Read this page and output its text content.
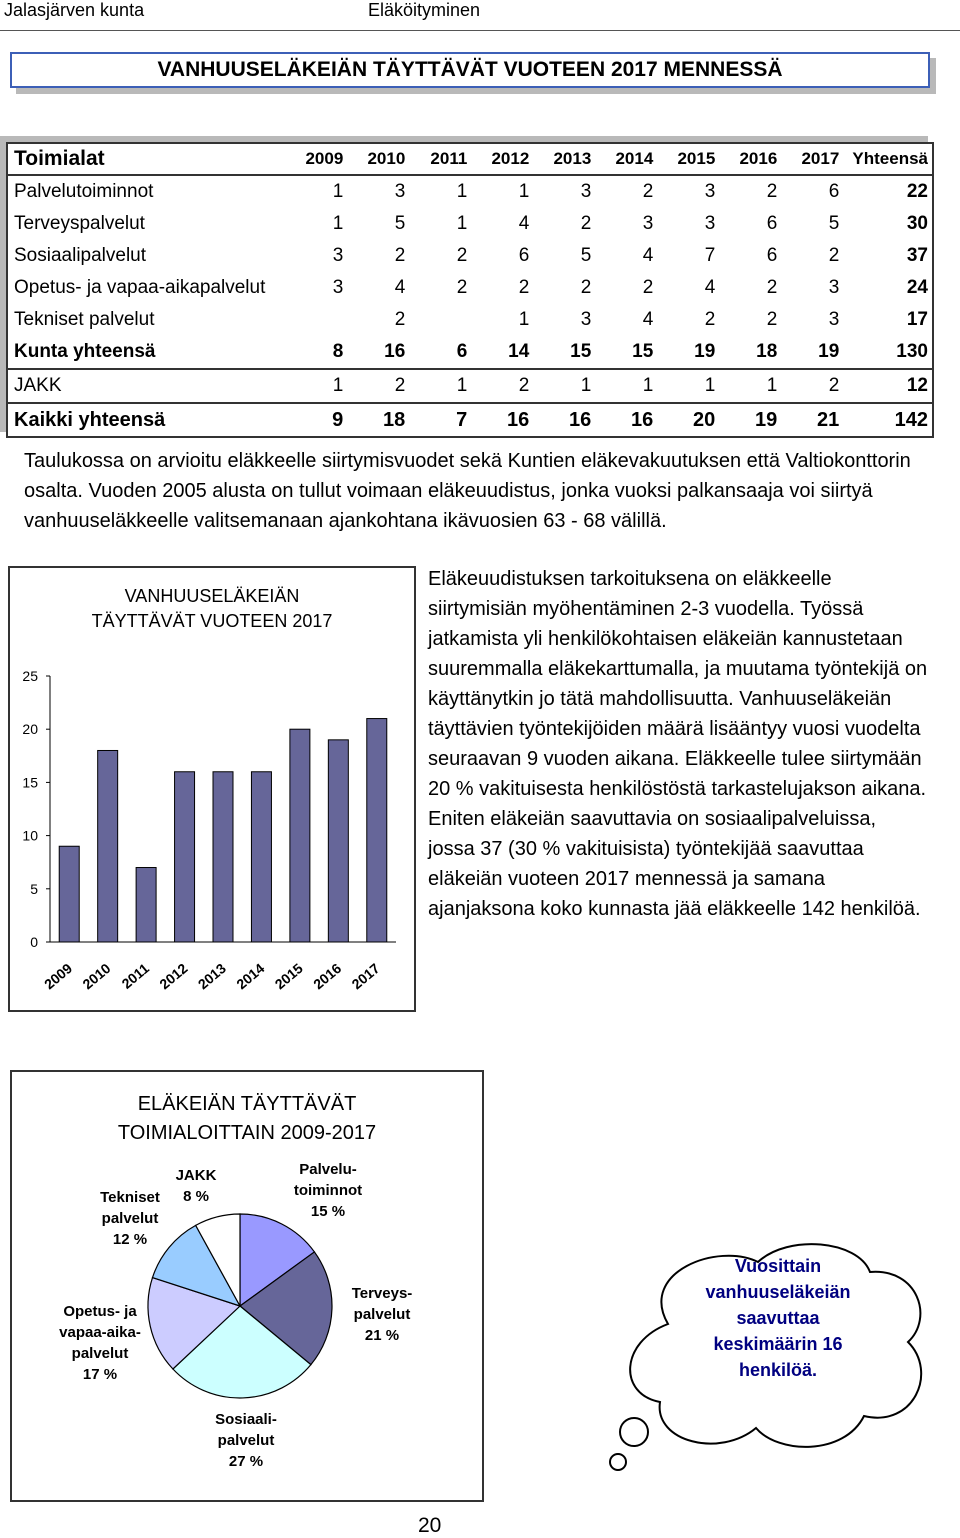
Jalasjärven kunta	Eläköityminen
VANHUUSELÄKEIÄN TÄYTTÄVÄT VUOTEEN 2017 MENNESSÄ
Toimialat	2009	2010	2011	2012	2013	2014	2015	2016	2017	Yhteensä
Palvelutoiminnot	1	3	1	1	3	2	3	2	6	22
Terveyspalvelut	1	5	1	4	2	3	3	6	5	30
Sosiaalipalvelut	3	2	2	6	5	4	7	6	2	37
Opetus- ja vapaa-aikapalvelut	3	4	2	2	2	2	4	2	3	24
Tekniset palvelut		2		1	3	4	2	2	3	17
Kunta yhteensä	8	16	6	14	15	15	19	18	19	130
JAKK	1	2	1	2	1	1	1	1	2	12
Kaikki yhteensä	9	18	7	16	16	16	20	19	21	142
Taulukossa on arvioitu eläkkeelle siirtymisvuodet sekä Kuntien eläkevakuutuksen että Valtiokonttorin osalta. Vuoden 2005 alusta on tullut voimaan eläkeuudistus, jonka vuoksi palkansaaja voi siirtyä vanhuuseläkkeelle valitsemanaan ajankohtana ikävuosien 63 - 68 välillä.
VANHUUSELÄKEIÄN
TÄYTTÄVÄT VUOTEEN 2017
0
5
10
15
20
25
2009 2010 2011 2012 2013 2014 2015 2016 2017
Eläkeuudistuksen tarkoituksena on eläkkeelle siirtymisiän myöhentäminen 2-3 vuodella. Työssä jatkamista yli henkilökohtaisen eläkeiän kannustetaan suuremmalla eläkekarttumalla, ja muutama työntekijä on käyttänytkin jo tätä mahdollisuutta. Vanhuuseläkeiän täyttävien työntekijöiden määrä lisääntyy vuosi vuodelta seuraavan 9 vuoden aikana. Eläkkeelle tulee siirtymään 20 % vakituisesta henkilöstöstä tarkastelujakson aikana. Eniten eläkeiän saavuttavia on sosiaalipalveluissa, jossa 37 (30 % vakituisista) työntekijää saavuttaa eläkeiän vuoteen 2017 mennessä ja samana ajanjaksona koko kunnasta jää eläkkeelle 142 henkilöä.
ELÄKEIÄN TÄYTTÄVÄT
TOIMIALOITTAIN 2009-2017
Palvelu-
toiminnot
15 %
Terveys-
palvelut
21 %
Sosiaali-
palvelut
27 %
Opetus- ja
vapaa-aika-
palvelut
17 %
Tekniset
palvelut
12 %
JAKK
8 %
Vuosittain
vanhuuseläkeiän
saavuttaa
keskimäärin 16
henkilöä.
20
